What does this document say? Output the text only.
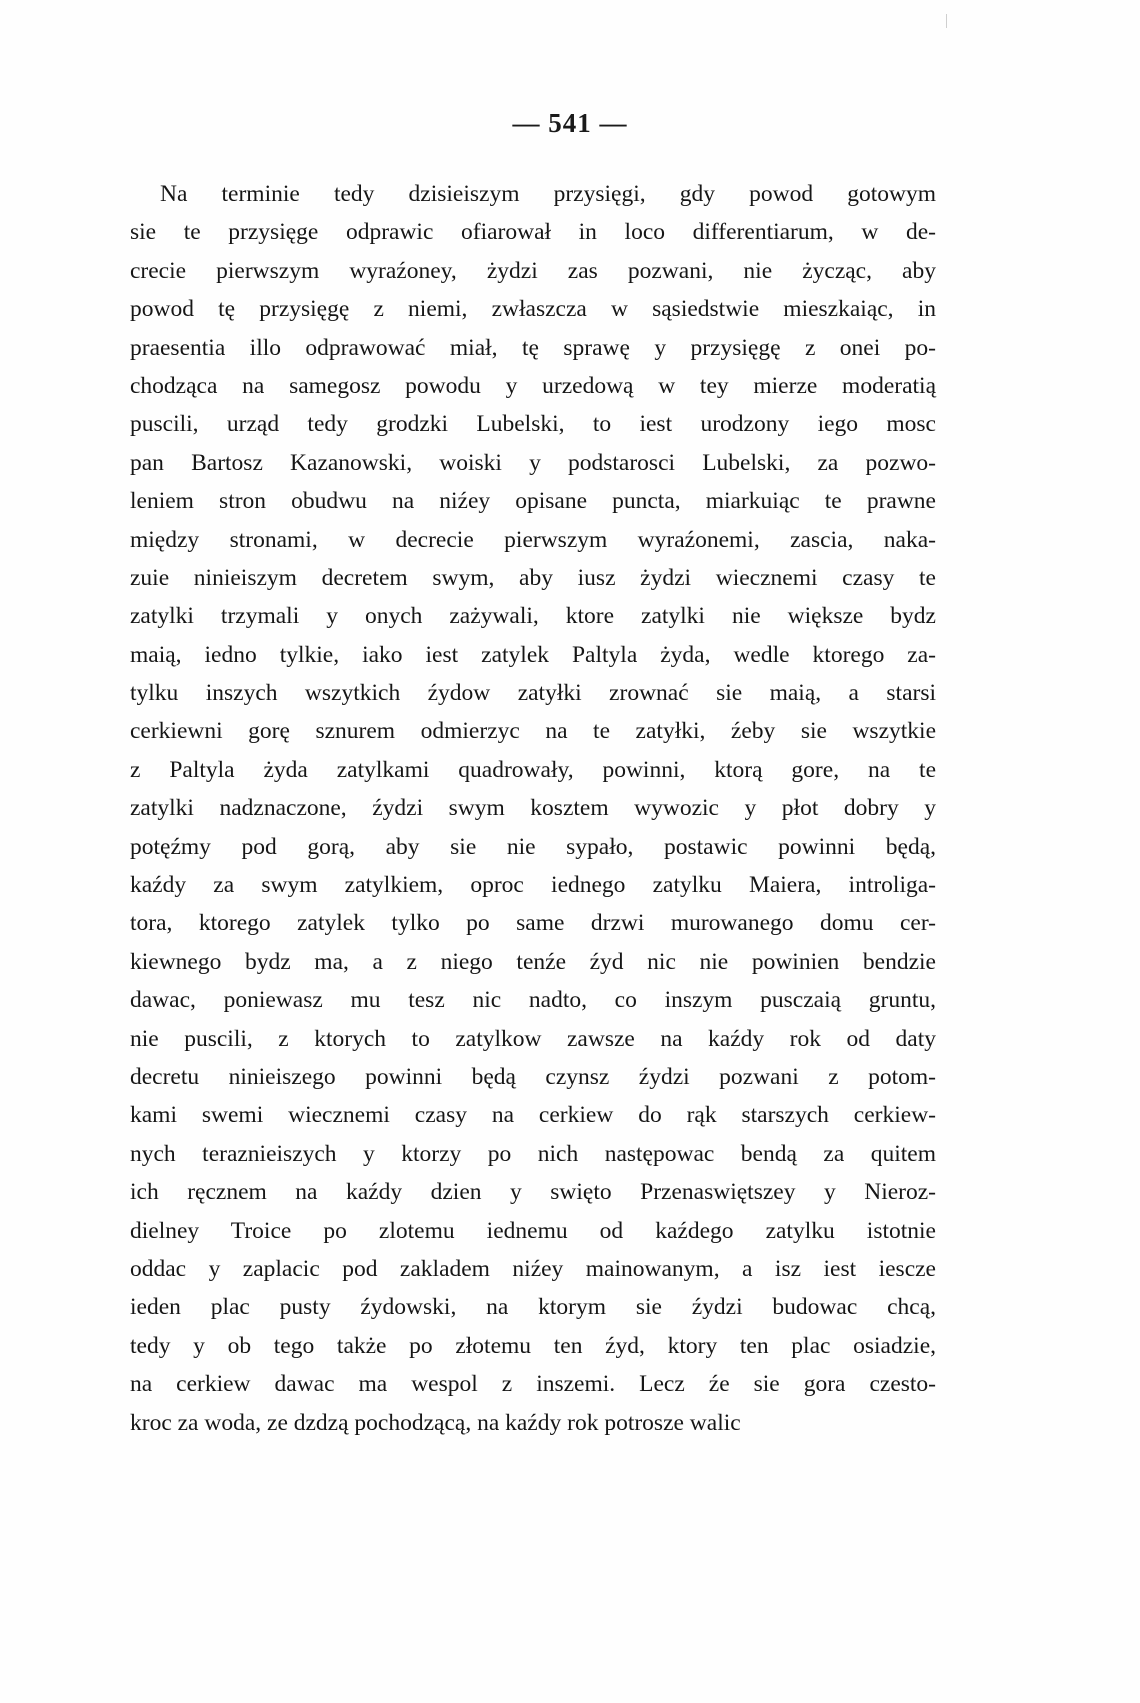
— 541 —
Na terminie tedy dzisieiszym przysięgi, gdy powod gotowym
sie te przysięge odprawic ofiarował in loco differentiarum, w de-
crecie pierwszym wyraźoney, żydzi zas pozwani, nie życząc, aby
powod tę przysięgę z niemi, zwłaszcza w sąsiedstwie mieszkaiąc, in
praesentia illo odprawować miał, tę sprawę y przysięgę z onei po-
chodząca na samegosz powodu y urzedową w tey mierze moderatią
puscili, urząd tedy grodzki Lubelski, to iest urodzony iego mosc
pan Bartosz Kazanowski, woiski y podstarosci Lubelski, za pozwo-
leniem stron obudwu na niźey opisane puncta, miarkuiąc te prawne
między stronami, w decrecie pierwszym wyraźonemi, zascia, naka-
zuie ninieiszym decretem swym, aby iusz żydzi wiecznemi czasy te
zatylki trzymali y onych zażywali, ktore zatylki nie większe bydz
maią, iedno tylkie, iako iest zatylek Paltyla żyda, wedle ktorego za-
tylku inszych wszytkich źydow zatyłki zrownać sie maią, a starsi
cerkiewni gorę sznurem odmierzyc na te zatyłki, źeby sie wszytkie
z Paltyla żyda zatylkami quadrowały, powinni, ktorą gore, na te
zatylki nadznaczone, źydzi swym kosztem wywozic y płot dobry y
potęźmy pod gorą, aby sie nie sypało, postawic powinni będą,
kaźdy za swym zatylkiem, oproc iednego zatylku Maiera, introliga-
tora, ktorego zatylek tylko po same drzwi murowanego domu cer-
kiewnego bydz ma, a z niego tenźe źyd nic nie powinien bendzie
dawac, poniewasz mu tesz nic nadto, co inszym pusczaią gruntu,
nie puscili, z ktorych to zatylkow zawsze na kaźdy rok od daty
decretu ninieiszego powinni będą czynsz źydzi pozwani z potom-
kami swemi wiecznemi czasy na cerkiew do rąk starszych cerkiew-
nych teraznieiszych y ktorzy po nich następowac bendą za quitem
ich ręcznem na kaźdy dzien y swięto Przenaswiętszey y Nieroz-
dielney Troice po zlotemu iednemu od kaźdego zatylku istotnie
oddac y zaplacic pod zakladem niźey mainowanym, a isz iest iescze
ieden plac pusty źydowski, na ktorym sie źydzi budowac chcą,
tedy y ob tego także po złotemu ten źyd, ktory ten plac osiadzie,
na cerkiew dawac ma wespol z inszemi. Lecz źe sie gora czesto-
kroc za woda, ze dzdzą pochodzącą, na kaźdy rok potrosze walic
